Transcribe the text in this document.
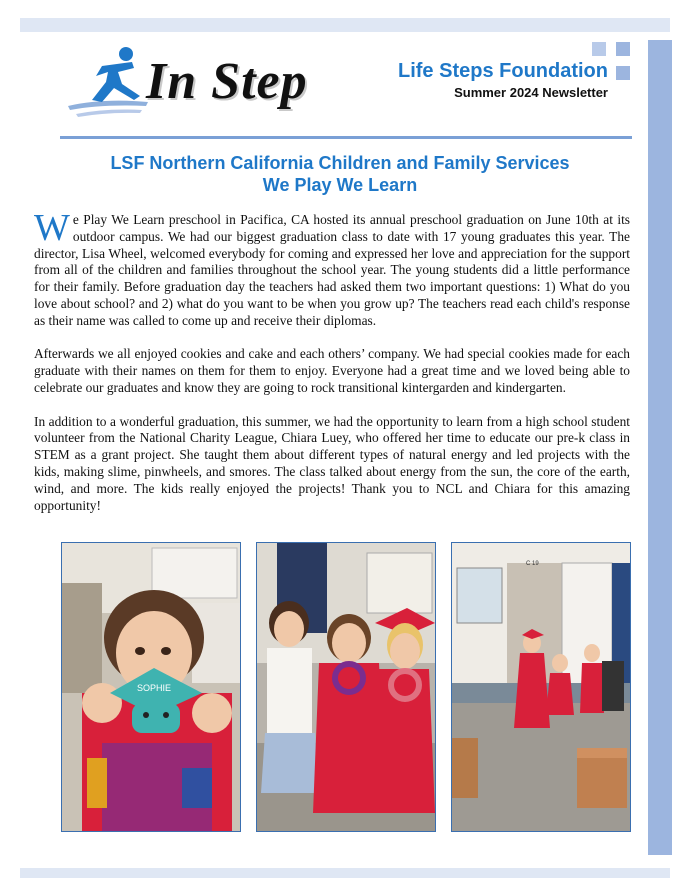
In Step	Life Steps Foundation
Summer 2024 Newsletter
LSF Northern California Children and Family Services
We Play We Learn

We Play We Learn preschool in Pacifica, CA hosted its annual preschool graduation on June 10th at its outdoor campus. We had our biggest graduation class to date with 17 young graduates this year. The director, Lisa Wheel, welcomed everybody for coming and expressed her love and appreciation for the support from all of the children and families throughout the school year. The young students did a little performance for their family. Before graduation day the teachers had asked them two important questions: 1) What do you love about school? and 2) what do you want to be when you grow up? The teachers read each child's response as their name was called to come up and receive their diplomas.

Afterwards we all enjoyed cookies and cake and each others’ company. We had special cookies made for each graduate with their names on them for them to enjoy. Everyone had a great time and we loved being able to celebrate our graduates and know they are going to rock transitional kintergarden and kindergarten.

In addition to a wonderful graduation, this summer, we had the opportunity to learn from a high school student volunteer from the National Charity League, Chiara Luey, who offered her time to educate our pre-k class in STEM as a grant project. She taught them about different types of natural energy and led projects with the kids, making slime, pinwheels, and smores. The class talked about energy from the sun, the core of the earth, wind, and more. The kids really enjoyed the projects! Thank you to NCL and Chiara for this amazing opportunity!

SOPHIE
C 19
